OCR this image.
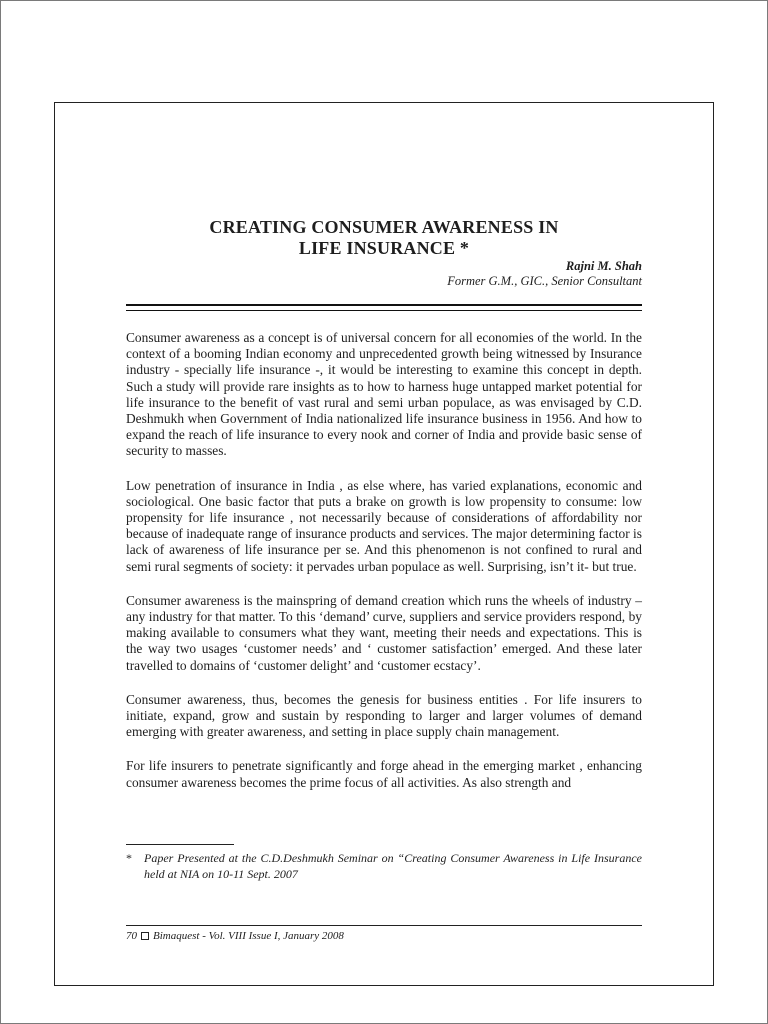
CREATING CONSUMER AWARENESS IN
LIFE INSURANCE *
Rajni M. Shah
Former G.M., GIC., Senior Consultant

Consumer awareness as a concept is of universal concern for all economies of the world. In the context of a booming Indian economy and unprecedented growth being witnessed by Insurance industry - specially life insurance -, it would be interesting to examine this concept in depth. Such a study will provide rare insights as to how to harness huge untapped market potential for life insurance to the benefit of vast rural and semi urban populace, as was envisaged by C.D. Deshmukh when Government of India nationalized life insurance business in 1956. And how to expand the reach of life insurance to every nook and corner of India and provide basic sense of security to masses.

Low penetration of insurance in India , as else where, has varied explanations, economic and sociological. One basic factor that puts a brake on growth is low propensity to consume: low propensity for life insurance , not necessarily because of considerations of affordability nor because of inadequate range of insurance products and services. The major determining factor is lack of awareness of life insurance per se. And this phenomenon is not confined to rural and semi rural segments of society: it pervades urban populace as well. Surprising, isn’t it- but true.

Consumer awareness is the mainspring of demand creation which runs the wheels of industry – any industry for that matter. To this ‘demand’ curve, suppliers and service providers respond, by making available to consumers what they want, meeting their needs and expectations. This is the way two usages ‘customer needs’ and ‘ customer satisfaction’ emerged. And these later travelled to domains of ‘customer delight’ and ‘customer ecstacy’.

Consumer awareness, thus, becomes the genesis for business entities . For life insurers to initiate, expand, grow and sustain by responding to larger and larger volumes of demand emerging with greater awareness, and setting in place supply chain management.

For life insurers to penetrate significantly and forge ahead in the emerging market , enhancing consumer awareness becomes the prime focus of all activities. As also strength and

*	Paper Presented at the C.D.Deshmukh Seminar on “Creating Consumer Awareness in Life Insurance held at NIA on 10-11 Sept. 2007
70 Bimaquest - Vol. VIII Issue I, January 2008
